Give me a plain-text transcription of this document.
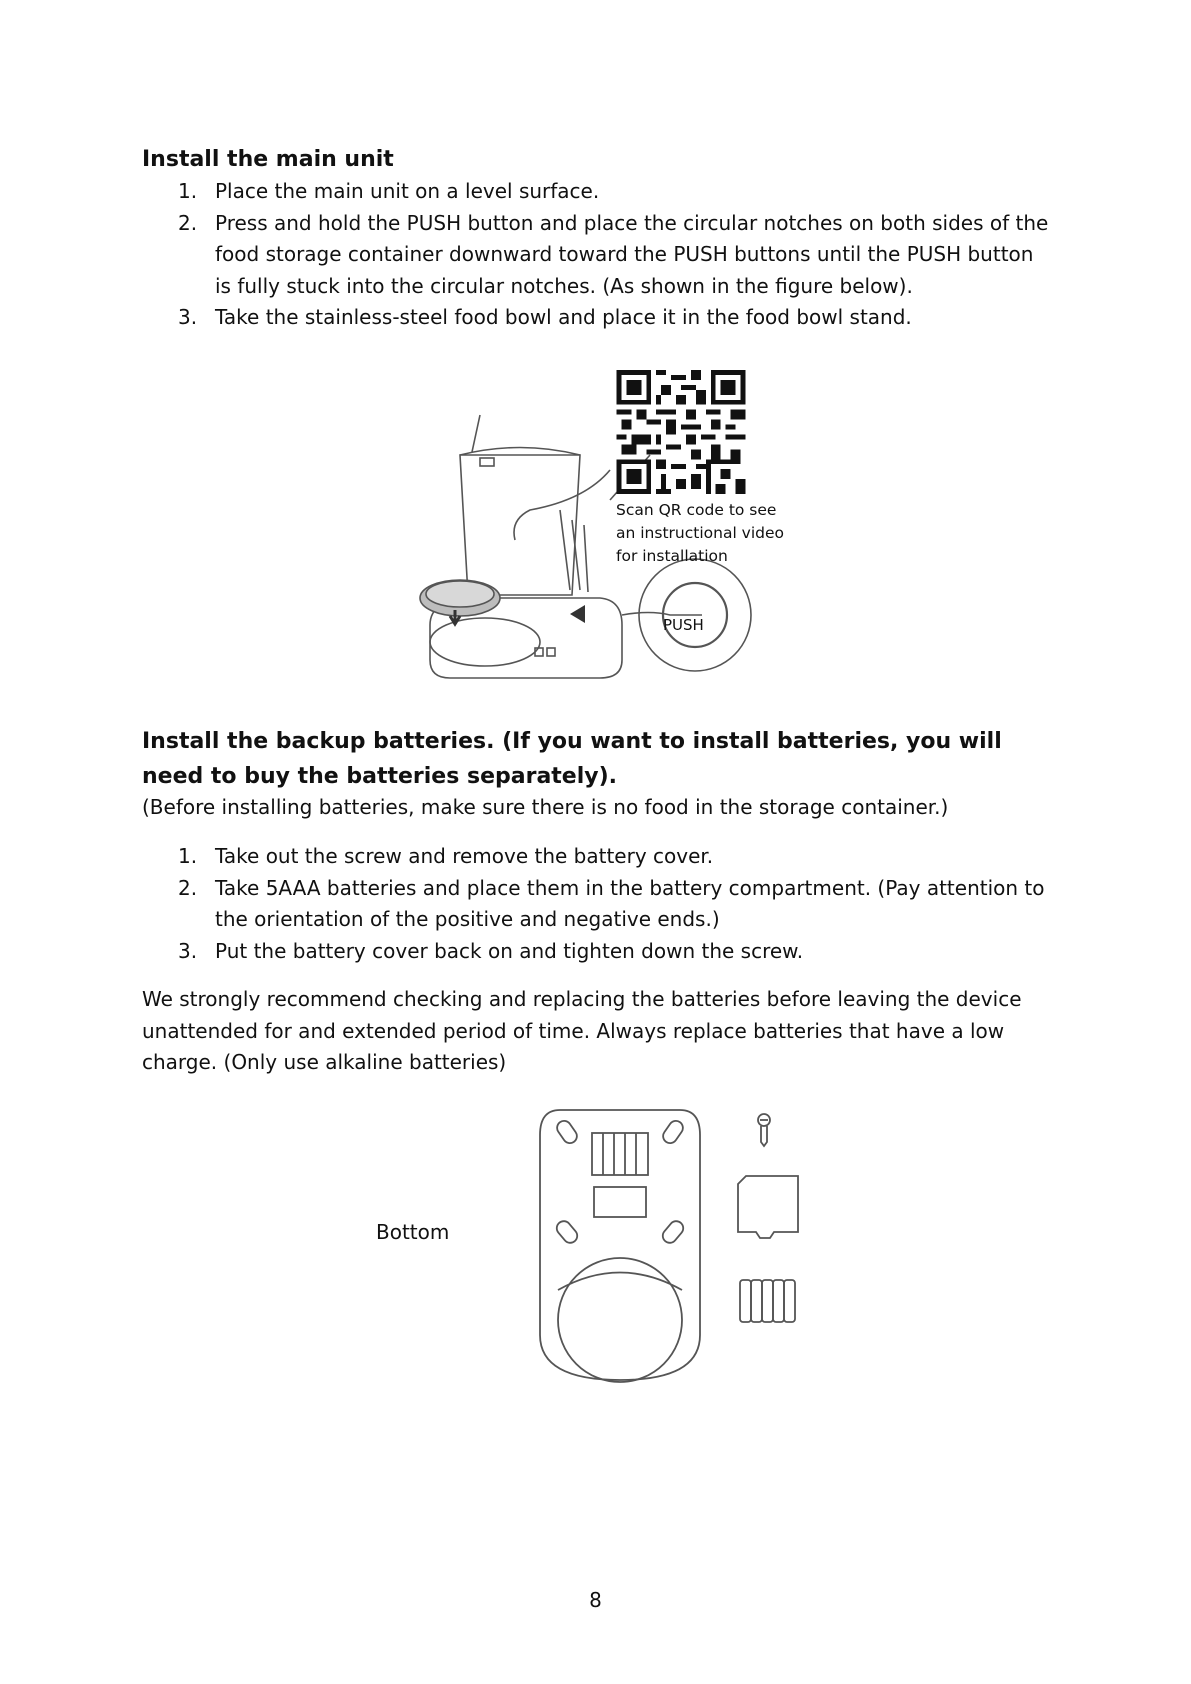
Install the main unit
1. Place the main unit on a level surface.
2. Press and hold the PUSH button and place the circular notches on both sides of the food storage container downward toward the PUSH buttons until the PUSH button is fully stuck into the circular notches. (As shown in the figure below).
3. Take the stainless-steel food bowl and place it in the food bowl stand.
Scan QR code to see an instructional video for installation
PUSH
Install the backup batteries. (If you want to install batteries, you will need to buy the batteries separately).
(Before installing batteries, make sure there is no food in the storage container.)
1. Take out the screw and remove the battery cover.
2. Take 5AAA batteries and place them in the battery compartment. (Pay attention to the orientation of the positive and negative ends.)
3. Put the battery cover back on and tighten down the screw.
We strongly recommend checking and replacing the batteries before leaving the device unattended for and extended period of time. Always replace batteries that have a low charge. (Only use alkaline batteries)
Bottom
8
